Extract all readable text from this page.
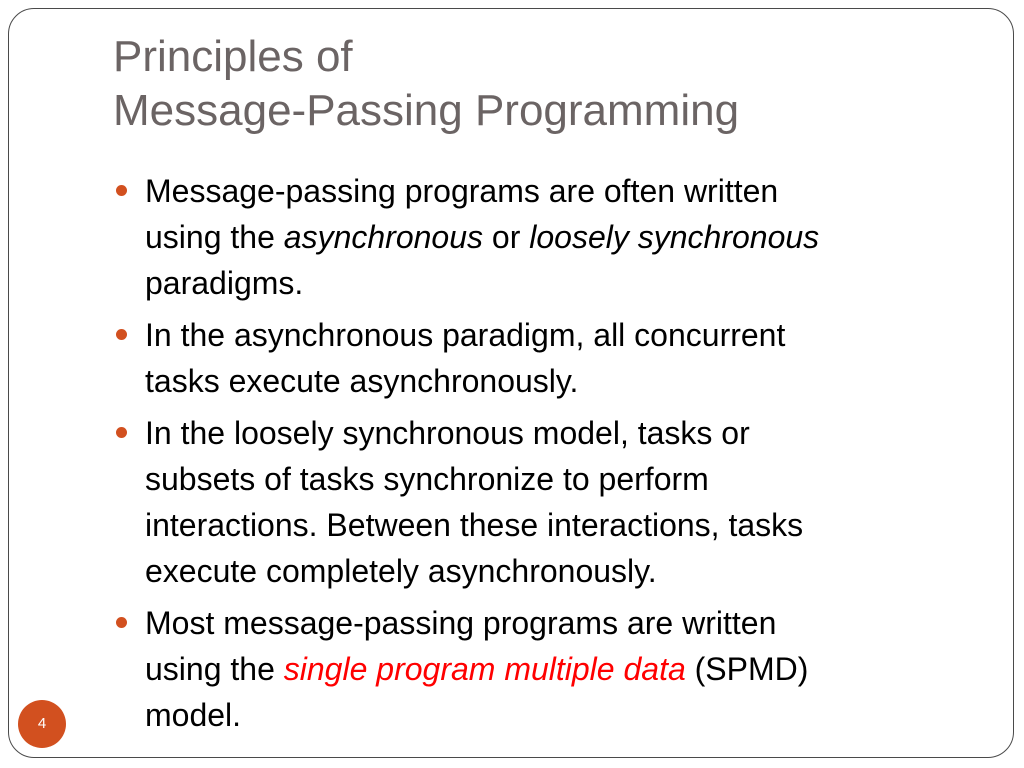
Principles of
Message-Passing Programming
Message-passing programs are often written
using the asynchronous or loosely synchronous
paradigms.
In the asynchronous paradigm, all concurrent
tasks execute asynchronously.
In the loosely synchronous model, tasks or
subsets of tasks synchronize to perform
interactions. Between these interactions, tasks
execute completely asynchronously.
Most message-passing programs are written
using the single program multiple data (SPMD)
model.
4
